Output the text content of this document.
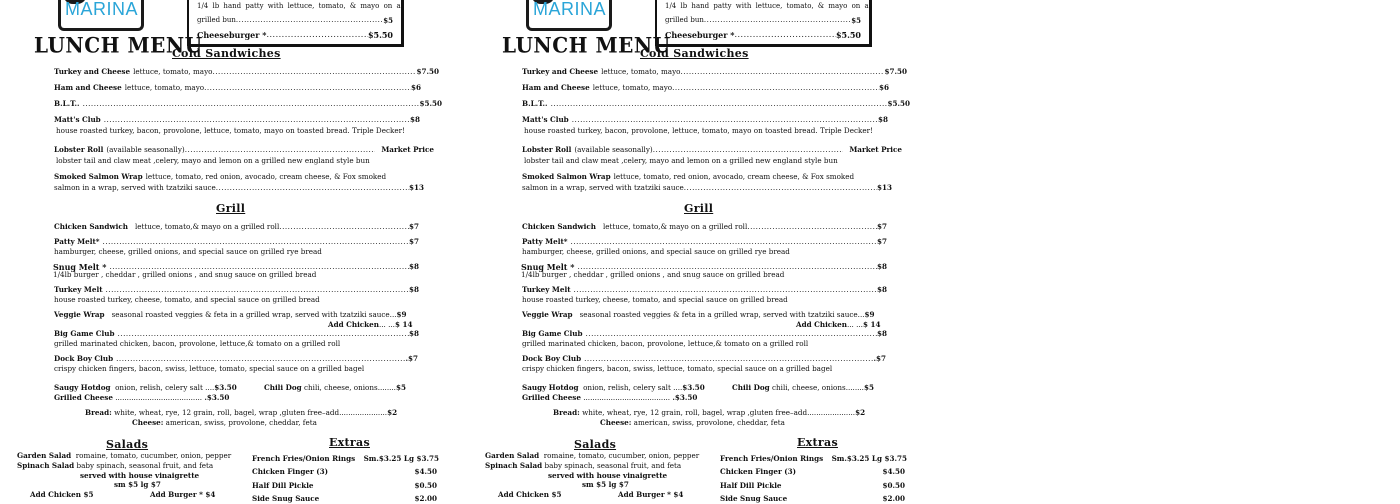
MARINA
LUNCH MENU
1/4 lb hand patty with lettuce, tomato, & mayo on a
grilled bun .....	$5
Cheeseburger * .....	$5.50
Cold Sandwiches
Turkey and Cheese lettuce, tomato, mayo .....	$7.50
Ham and Cheese lettuce, tomato, mayo .....	$6
B.L.T.. .....	$5.50
Matt's Club .....	$8
house roasted turkey, bacon, provolone, lettuce, tomato, mayo on toasted bread. Triple Decker!
Lobster Roll (available seasonally) .....	Market Price
lobster tail and claw meat ,celery, mayo and lemon on a grilled new england style bun
Smoked Salmon Wrap lettuce, tomato, red onion, avocado, cream cheese, & Fox smoked
salmon in a wrap, served with tzatziki sauce .....	$13
Grill
Chicken Sandwich lettuce, tomato,& mayo on a grilled roll .....	$7
Patty Melt* .....	$7
hamburger, cheese, grilled onions, and special sauce on grilled rye bread
Snug Melt * .....	$8
1/4lb burger , cheddar , grilled onions , and snug sauce on grilled bread
Turkey Melt .....	$8
house roasted turkey, cheese, tomato, and special sauce on grilled bread
Veggie Wrap seasonal roasted veggies & feta in a grilled wrap, served with tzatziki sauce ... $9
Add Chicken... ...$ 14
Big Game Club .....	$8
grilled marinated chicken, bacon, provolone, lettuce,& tomato on a grilled roll
Dock Boy Club .....	.$7
crispy chicken fingers, bacon, swiss, lettuce, tomato, special sauce on a grilled bagel
Saugy Hotdog onion, relish, celery salt ....$3.50	Chili Dog chili, cheese, onions........$5
Grilled Cheese ...................................... .$3.50
Bread: white, wheat, rye, 12 grain, roll, bagel, wrap ,gluten free–add.....................$2
Cheese: american, swiss, provolone, cheddar, feta
Salads
Garden Salad romaine, tomato, cucumber, onion, pepper
Spinach Salad baby spinach, seasonal fruit, and feta
served with house vinaigrette
sm $5 lg $7
Add Chicken $5	Add Burger * $4
Extras
French Fries/Onion Rings Sm.$3.25 Lg $3.75
Chicken Finger (3)	$4.50
Half Dill Pickle	$0.50
Side Snug Sauce	$2.00
MARINA
LUNCH MENU
1/4 lb hand patty with lettuce, tomato, & mayo on a
grilled bun .....	$5
Cheeseburger * .....	$5.50
Cold Sandwiches
Turkey and Cheese lettuce, tomato, mayo .....	$7.50
Ham and Cheese lettuce, tomato, mayo .....	$6
B.L.T.. .....	$5.50
Matt's Club .....	$8
house roasted turkey, bacon, provolone, lettuce, tomato, mayo on toasted bread. Triple Decker!
Lobster Roll (available seasonally) .....	Market Price
lobster tail and claw meat ,celery, mayo and lemon on a grilled new england style bun
Smoked Salmon Wrap lettuce, tomato, red onion, avocado, cream cheese, & Fox smoked
salmon in a wrap, served with tzatziki sauce .....	$13
Grill
Chicken Sandwich lettuce, tomato,& mayo on a grilled roll .....	$7
Patty Melt* .....	$7
hamburger, cheese, grilled onions, and special sauce on grilled rye bread
Snug Melt * .....	$8
1/4lb burger , cheddar , grilled onions , and snug sauce on grilled bread
Turkey Melt .....	$8
house roasted turkey, cheese, tomato, and special sauce on grilled bread
Veggie Wrap seasonal roasted veggies & feta in a grilled wrap, served with tzatziki sauce ... $9
Add Chicken... ...$ 14
Big Game Club .....	$8
grilled marinated chicken, bacon, provolone, lettuce,& tomato on a grilled roll
Dock Boy Club .....	.$7
crispy chicken fingers, bacon, swiss, lettuce, tomato, special sauce on a grilled bagel
Saugy Hotdog onion, relish, celery salt ....$3.50	Chili Dog chili, cheese, onions........$5
Grilled Cheese ...................................... .$3.50
Bread: white, wheat, rye, 12 grain, roll, bagel, wrap ,gluten free–add.....................$2
Cheese: american, swiss, provolone, cheddar, feta
Salads
Garden Salad romaine, tomato, cucumber, onion, pepper
Spinach Salad baby spinach, seasonal fruit, and feta
served with house vinaigrette
sm $5 lg $7
Add Chicken $5	Add Burger * $4
Extras
French Fries/Onion Rings Sm.$3.25 Lg $3.75
Chicken Finger (3)	$4.50
Half Dill Pickle	$0.50
Side Snug Sauce	$2.00
